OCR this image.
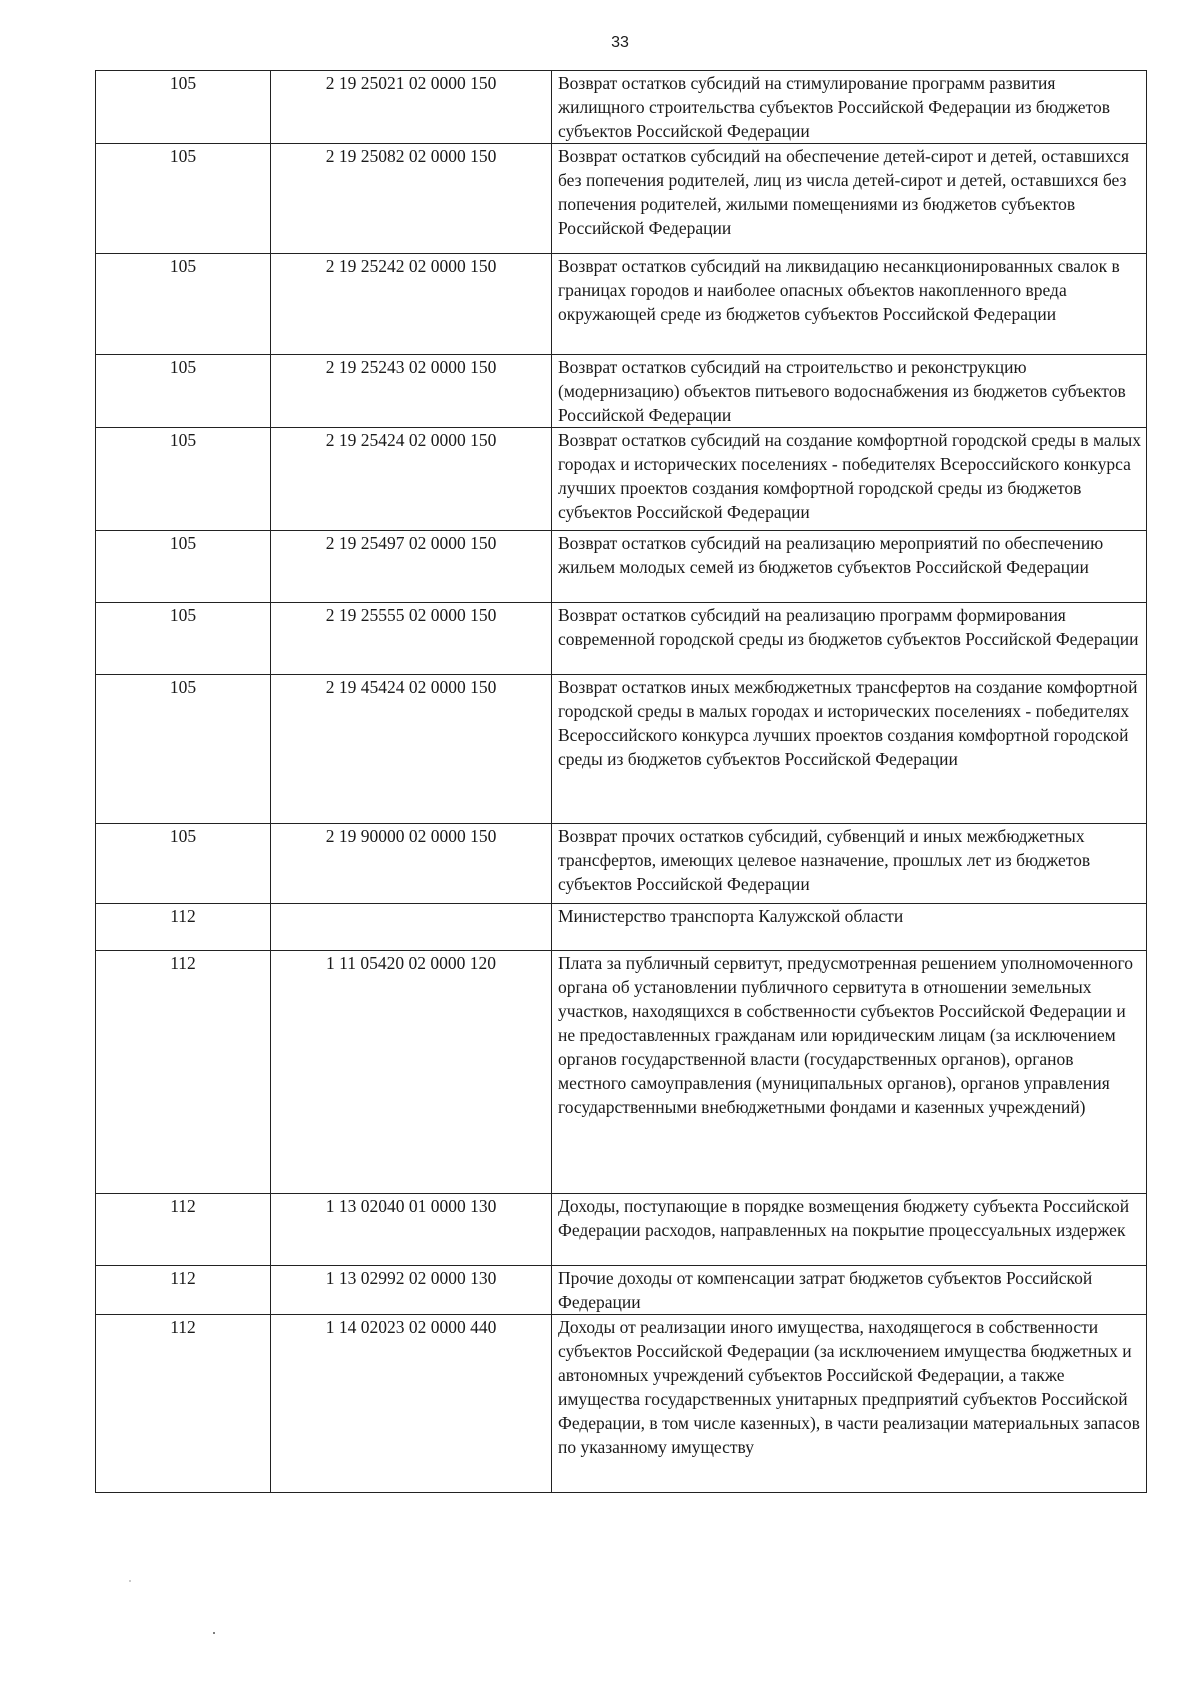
33
105	2 19 25021 02 0000 150	Возврат остатков субсидий на стимулирование программ развития жилищного строительства субъектов Российской Федерации из бюджетов субъектов Российской Федерации
105	2 19 25082 02 0000 150	Возврат остатков субсидий на обеспечение детей-сирот и детей, оставшихся без попечения родителей, лиц из числа детей-сирот и детей, оставшихся без попечения родителей, жилыми помещениями из бюджетов субъектов Российской Федерации
105	2 19 25242 02 0000 150	Возврат остатков субсидий на ликвидацию несанкционированных свалок в границах городов и наиболее опасных объектов накопленного вреда окружающей среде из бюджетов субъектов Российской Федерации
105	2 19 25243 02 0000 150	Возврат остатков субсидий на строительство и реконструкцию (модернизацию) объектов питьевого водоснабжения из бюджетов субъектов Российской Федерации
105	2 19 25424 02 0000 150	Возврат остатков субсидий на создание комфортной городской среды в малых городах и исторических поселениях - победителях Всероссийского конкурса лучших проектов создания комфортной городской среды из бюджетов субъектов Российской Федерации
105	2 19 25497 02 0000 150	Возврат остатков субсидий на реализацию мероприятий по обеспечению жильем молодых семей из бюджетов субъектов Российской Федерации
105	2 19 25555 02 0000 150	Возврат остатков субсидий на реализацию программ формирования современной городской среды из бюджетов субъектов Российской Федерации
105	2 19 45424 02 0000 150	Возврат остатков иных межбюджетных трансфертов на создание комфортной городской среды в малых городах и исторических поселениях - победителях Всероссийского конкурса лучших проектов создания комфортной городской среды из бюджетов субъектов Российской Федерации
105	2 19 90000 02 0000 150	Возврат прочих остатков субсидий, субвенций и иных межбюджетных трансфертов, имеющих целевое назначение, прошлых лет из бюджетов субъектов Российской Федерации
112		Министерство транспорта Калужской области
112	1 11 05420 02 0000 120	Плата за публичный сервитут, предусмотренная решением уполномоченного органа об установлении публичного сервитута в отношении земельных участков, находящихся в собственности субъектов Российской Федерации и не предоставленных гражданам или юридическим лицам (за исключением органов государственной власти (государственных органов), органов местного самоуправления (муниципальных органов), органов управления государственными внебюджетными фондами и казенных учреждений)
112	1 13 02040 01 0000 130	Доходы, поступающие в порядке возмещения бюджету субъекта Российской Федерации расходов, направленных на покрытие процессуальных издержек
112	1 13 02992 02 0000 130	Прочие доходы от компенсации затрат бюджетов субъектов Российской Федерации
112	1 14 02023 02 0000 440	Доходы от реализации иного имущества, находящегося в собственности субъектов Российской Федерации (за исключением имущества бюджетных и автономных учреждений субъектов Российской Федерации, а также имущества государственных унитарных предприятий субъектов Российской Федерации, в том числе казенных), в части реализации материальных запасов по указанному имуществу
